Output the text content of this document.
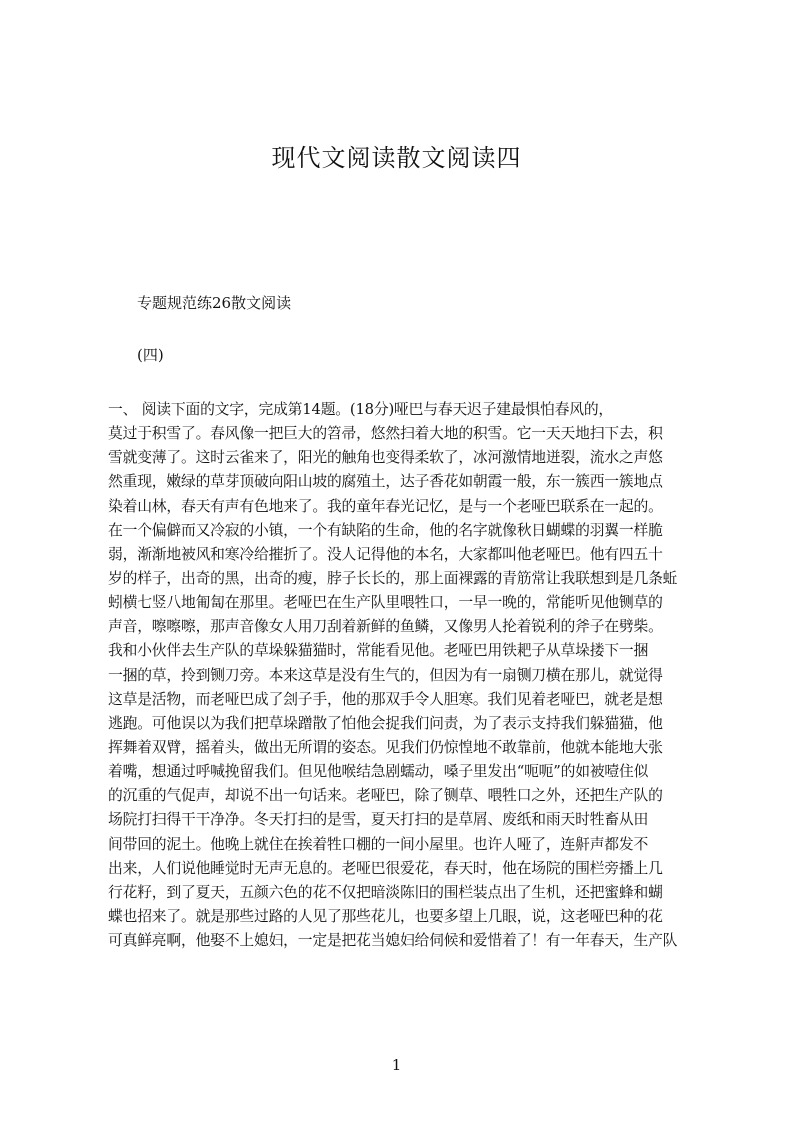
现代文阅读散文阅读四
专题规范练26散文阅读
(四)
一、 阅读下面的文字，完成第14题。(18分)哑巴与春天迟子建最惧怕春风的，
莫过于积雪了。春风像一把巨大的笤帚，悠然扫着大地的积雪。它一天天地扫下去，积
雪就变薄了。这时云雀来了，阳光的触角也变得柔软了，冰河激情地迸裂，流水之声悠
然重现，嫩绿的草芽顶破向阳山坡的腐殖土，达子香花如朝霞一般，东一簇西一簇地点
染着山林，春天有声有色地来了。我的童年春光记忆，是与一个老哑巴联系在一起的。
在一个偏僻而又冷寂的小镇，一个有缺陷的生命，他的名字就像秋日蝴蝶的羽翼一样脆
弱，渐渐地被风和寒冷给摧折了。没人记得他的本名，大家都叫他老哑巴。他有四五十
岁的样子，出奇的黑，出奇的瘦，脖子长长的，那上面裸露的青筋常让我联想到是几条蚯
蚓横七竖八地匍匐在那里。老哑巴在生产队里喂牲口，一早一晚的，常能听见他铡草的
声音，嚓嚓嚓，那声音像女人用刀刮着新鲜的鱼鳞，又像男人抡着锐利的斧子在劈柴。
我和小伙伴去生产队的草垛躲猫猫时，常能看见他。老哑巴用铁耙子从草垛搂下一捆
一捆的草，拎到铡刀旁。本来这草是没有生气的，但因为有一扇铡刀横在那儿，就觉得
这草是活物，而老哑巴成了刽子手，他的那双手令人胆寒。我们见着老哑巴，就老是想
逃跑。可他误以为我们把草垛蹭散了怕他会捉我们问责，为了表示支持我们躲猫猫，他
挥舞着双臂，摇着头，做出无所谓的姿态。见我们仍惊惶地不敢靠前，他就本能地大张
着嘴，想通过呼喊挽留我们。但见他喉结急剧蠕动，嗓子里发出“呃呃”的如被噎住似
的沉重的气促声，却说不出一句话来。老哑巴，除了铡草、喂牲口之外，还把生产队的
场院打扫得干干净净。冬天打扫的是雪，夏天打扫的是草屑、废纸和雨天时牲畜从田
间带回的泥土。他晚上就住在挨着牲口棚的一间小屋里。也许人哑了，连鼾声都发不
出来，人们说他睡觉时无声无息的。老哑巴很爱花，春天时，他在场院的围栏旁播上几
行花籽，到了夏天，五颜六色的花不仅把暗淡陈旧的围栏装点出了生机，还把蜜蜂和蝴
蝶也招来了。就是那些过路的人见了那些花儿，也要多望上几眼，说，这老哑巴种的花
可真鲜亮啊，他娶不上媳妇，一定是把花当媳妇给伺候和爱惜着了！有一年春天，生产队
1
